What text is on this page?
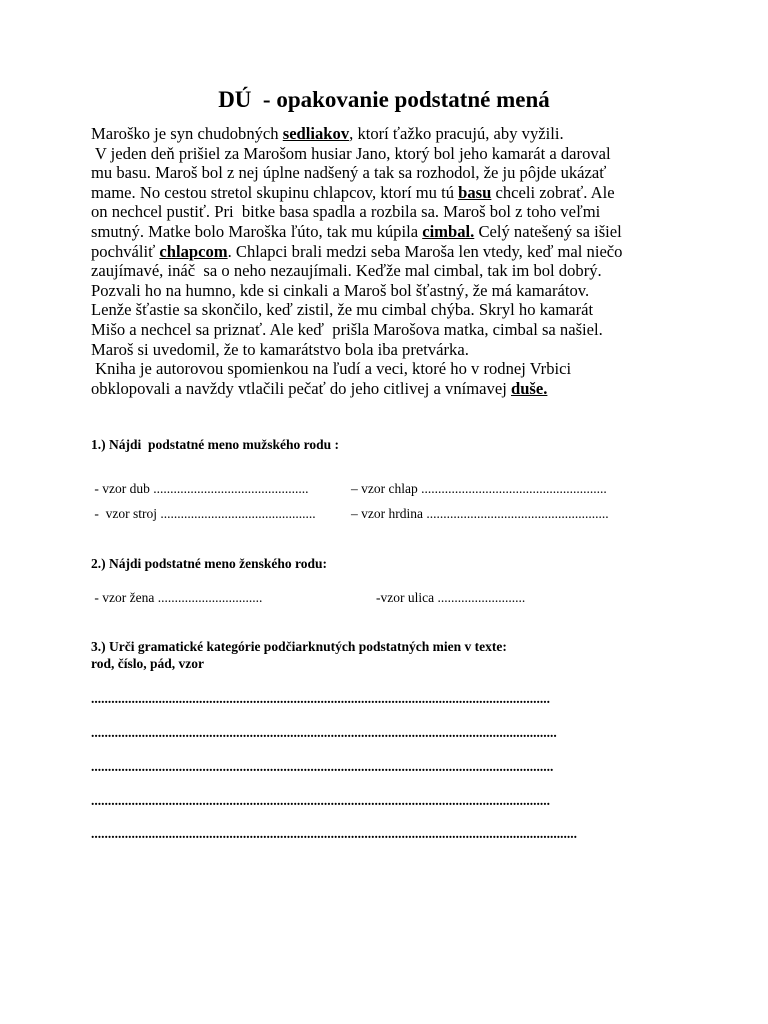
DÚ  - opakovanie podstatné mená
Maroško je syn chudobných sedliakov, ktorí ťažko pracujú, aby vyžili.
V jeden deň prišiel za Marošom husiar Jano, ktorý bol jeho kamarát a daroval
mu basu. Maroš bol z nej úplne nadšený a tak sa rozhodol, že ju pôjde ukázať
mame. No cestou stretol skupinu chlapcov, ktorí mu tú basu chceli zobrať. Ale
on nechcel pustiť. Pri  bitke basa spadla a rozbila sa. Maroš bol z toho veľmi
smutný. Matke bolo Maroška ľúto, tak mu kúpila cimbal. Celý natešený sa išiel
pochváliť chlapcom. Chlapci brali medzi seba Maroša len vtedy, keď mal niečo
zaujímavé, ináč  sa o neho nezaujímali. Keďže mal cimbal, tak im bol dobrý.
Pozvali ho na humno, kde si cinkali a Maroš bol šťastný, že má kamarátov.
Lenže šťastie sa skončilo, keď zistil, že mu cimbal chýba. Skryl ho kamarát
Mišo a nechcel sa priznať. Ale keď  prišla Marošova matka, cimbal sa našiel.
Maroš si uvedomil, že to kamarátstvo bola iba pretvárka.
Kniha je autorovou spomienkou na ľudí a veci, ktoré ho v rodnej Vrbici
obklopovali a navždy vtlačili pečať do jeho citlivej a vnímavej duše.
1.) Nájdi  podstatné meno mužského rodu :
- vzor dub ..............................................	– vzor chlap .......................................................
-  vzor stroj ..............................................	– vzor hrdina ......................................................
2.) Nájdi podstatné meno ženského rodu:
- vzor žena ...............................	-vzor ulica ..........................
3.) Urči gramatické kategórie podčiarknutých podstatných mien v texte:
rod, číslo, pád, vzor
........................................................................................................................................
..........................................................................................................................................
.........................................................................................................................................
........................................................................................................................................
................................................................................................................................................
